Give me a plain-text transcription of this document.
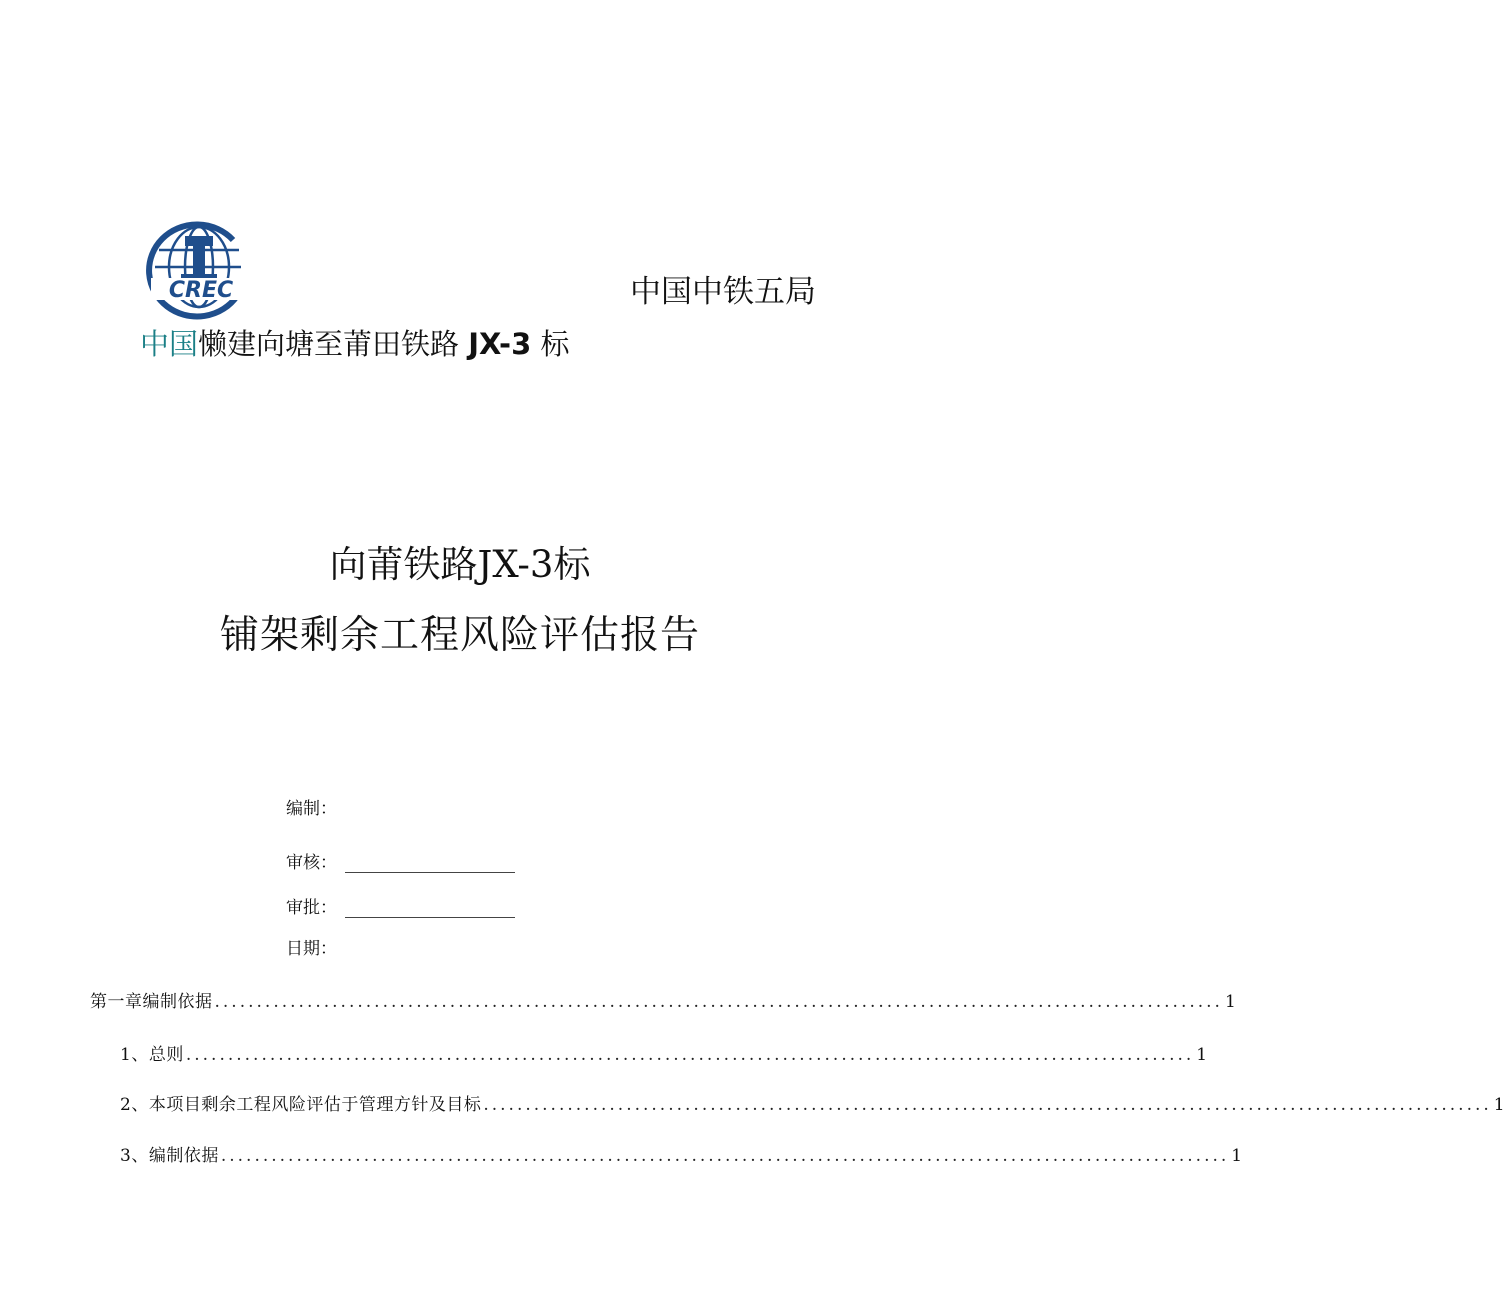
CREC	中国中铁五局
中国懒建向塘至莆田铁路 JX-3 标
向莆铁路JX-3标
铺架剩余工程风险评估报告
编制：
审核：
审批：
日期：
第一章编制依据 ........................................................................................................................ 1
1、总则 ........................................................................................................................ 1
2、本项目剩余工程风险评估于管理方针及目标 ........................................................................................................................ 1
3、编制依据 ........................................................................................................................ 1
